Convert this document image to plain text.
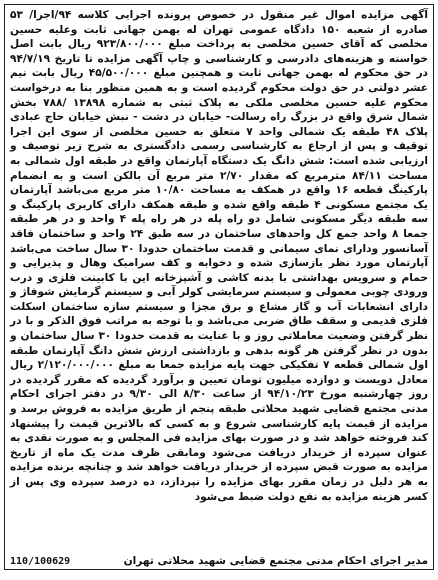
آگهی مزایده اموال غیر منقول در خصوص پرونده اجرایی کلاسه ۹۴/اجرا/ ۵۳ صادره از شعبه ۱۵۰ دادگاه عمومی تهران له بهمن جهانی ثابت وعلیه حسین مخلصی که آقای حسین مخلصی به پرداخت مبلغ ۹۲۳/۸۰۰/۰۰۰ ریال بابت اصل خواسته و هزینه‌های دادرسی و کارشناسی و چاپ آگهی مزایده تا تاریخ ۹۴/۷/۱۹ در حق محکوم له بهمن جهانی ثابت و همچنین مبلغ ۴۵/۵۰۰/۰۰۰ ریال بابت نیم عشر دولتی در حق دولت محکوم گردیده است و به همین منظور بنا به درخواست محکوم علیه حسین مخلصی ملکی به پلاک ثبتی به شماره ۱۳۸۹۸ /۷۸۸ بخش شمال شرق واقع در بزرگ راه رسالت- خیابان در دشت - نبش خیابان حاج عبادی پلاک ۴۸ طبقه یک شمالی واحد ۷ متعلق به حسین مخلصی از سوی این اجرا توقیف و پس از ارجاع به کارشناسی رسمی دادگستری به شرح زیر توصیف و ارزیابی شده است: شش دانگ یک دستگاه آپارتمان واقع در طبقه اول شمالی به مساحت ۸۴/۱۱ مترمربع که مقدار ۲/۷۰ متر مربع آن بالکن است و به انضمام پارکینگ قطعه ۱۶ واقع در همکف به مساحت ۱۰/۸۰ متر مربع می‌باشد آپارتمان یک مجتمع مسکونی ۴ طبقه واقع شده و طبقه همکف دارای کاربری پارکینگ و سه طبقه دیگر مسکونی شامل دو راه پله در هر راه پله ۴ واحد و در هر طبقه جمعا ۸ واحد جمع کل واحدهای ساختمان در سه طبق ۲۴ واحد و ساختمان فاقد آسانسور ودارای نمای سیمانی و قدمت ساختمان حدودا ۳۰ سال ساخت می‌باشد آپارتمان مورد نظر بازسازی شده و دخوابه و کف سرامیک وهال و پذیرایی و حمام و سرویس بهداشتی با بدنه کاشی و آشپزخانه این با کابینت فلزی و درب ورودی چوبی معمولی و سیستم سرمایشی کولر آبی و سیستم گرمایش شوفاژ و دارای انشعابات آب و گاز مشاع و برق مجزا و سیستم سازه ساختمان اسکلت فلزی قدیمی و سقف طاق ضربی می‌باشد و با توجه به مراتب فوق الذکر و با در نظر گرفتن وضعیت معاملاتی روز و با عنایت به قدمت حدودا ۳۰ سال ساختمان و بدون در نظر گرفتن هر گونه بدهی و بازداشتی ارزش شش دانگ آپارتمان طبقه اول شمالی قطعه ۷ تفکیکی جهت پایه مزایده جمعا به مبلغ ۲/۱۲۰/۰۰۰/۰۰۰ ریال معادل دویست و دوازده میلیون تومان تعیین و برآورد گردیده که مقرر گردیده در روز چهارشنبه مورخ ۹۴/۱۰/۲۳ از ساعت ۸/۳۰ الی ۹/۳۰ در دفتر اجرای احکام مدنی مجتمع قضایی شهید محلاتی طبقه پنجم از طریق مزایده به فروش برسد و مزایده از قیمت پایه کارشناسی شروع و به کسی که بالاترین قیمت را پیشنهاد کند فروخته خواهد شد و در صورت بهای مزایده فی المجلس و به صورت نقدی به عنوان سپرده از خریدار دریافت می‌شود ومابقی ظرف مدت یک ماه از تاریخ مزایده به صورت قبض سپرده از خریدار دریافت خواهد شد و چنانچه برنده مزایده به هر دلیل در زمان مقرر بهای مزایده را نپردازد، ده درصد سپرده وی پس از کسر هزینه مزایده به نفع دولت ضبط می‌شود

مدیر اجرای احکام مدنی مجتمع قضایی شهید محلاتی تهران
110/100629
